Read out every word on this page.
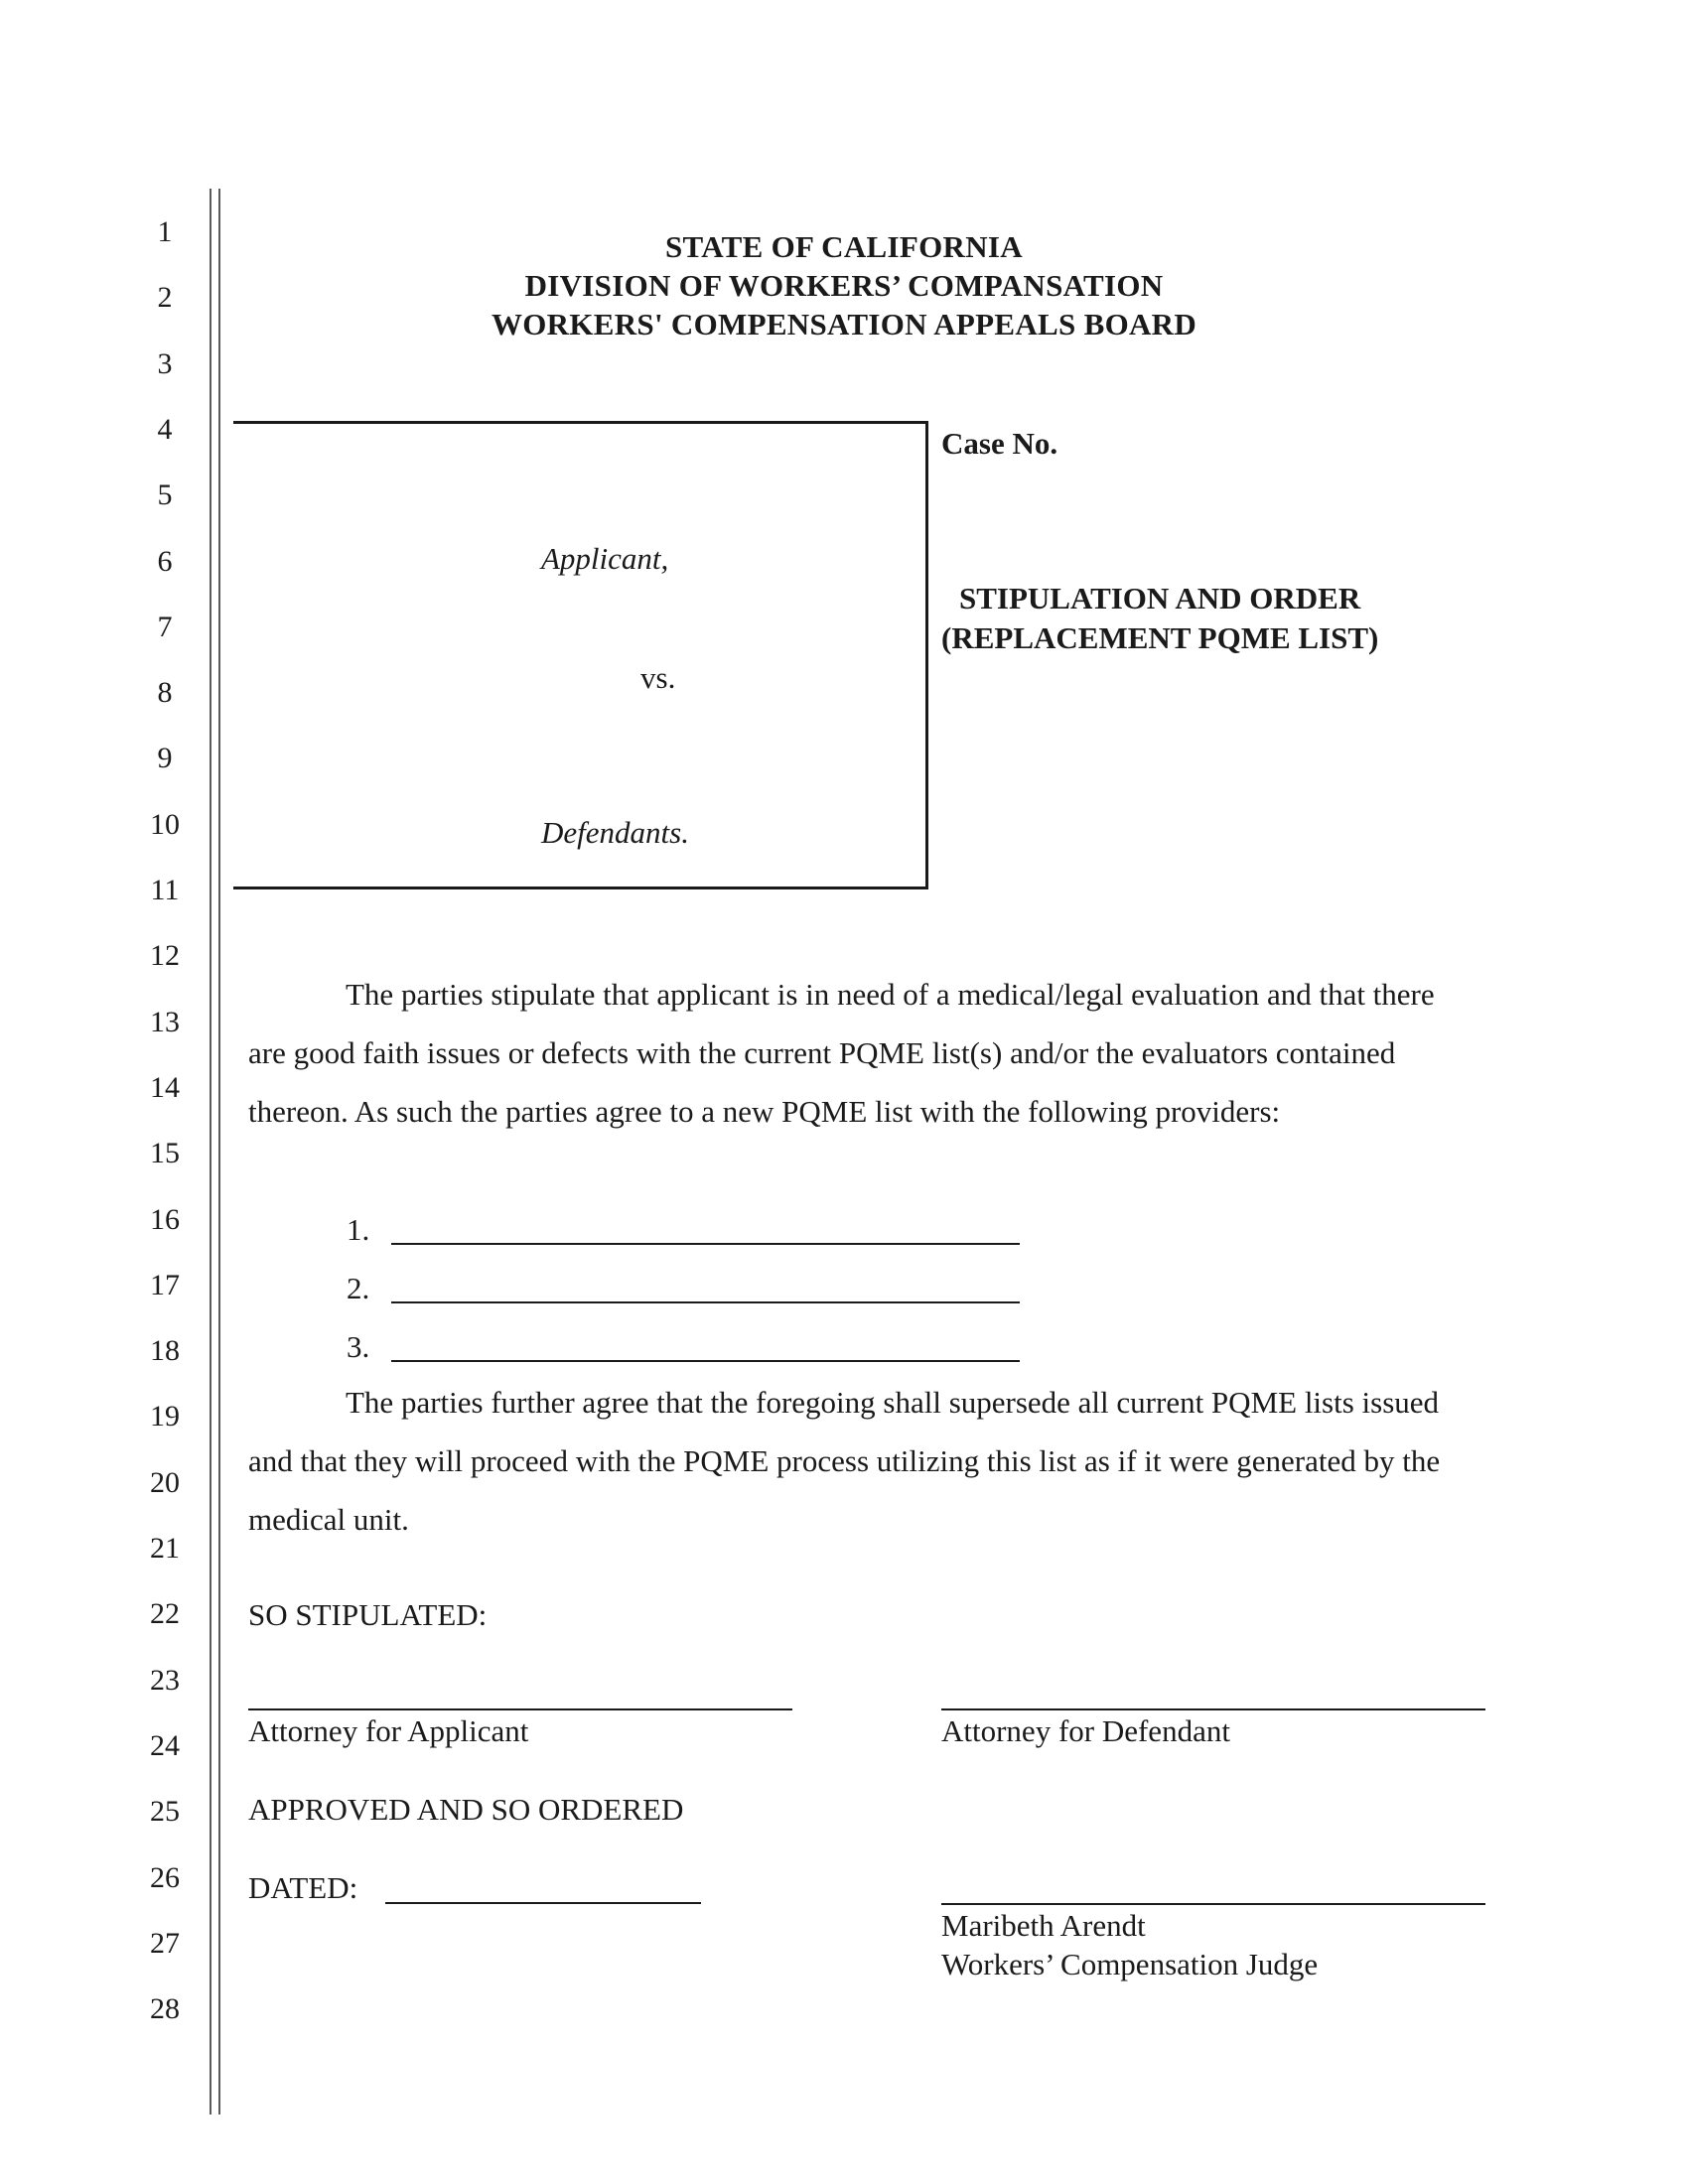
1
2
3
4
5
6
7
8
9
10
11
12
13
14
15
16
17
18
19
20
21
22
23
24
25
26
27
28
STATE OF CALIFORNIA
DIVISION OF WORKERS’ COMPANSATION
WORKERS' COMPENSATION APPEALS BOARD
Applicant,
vs.
Defendants.
Case No.
STIPULATION AND ORDER
(REPLACEMENT PQME LIST)
The parties stipulate that applicant is in need of a medical/legal evaluation and that there are good faith issues or defects with the current PQME list(s) and/or the evaluators contained thereon. As such the parties agree to a new PQME list with the following providers:
1.
2.
3.
The parties further agree that the foregoing shall supersede all current PQME lists issued and that they will proceed with the PQME process utilizing this list as if it were generated by the medical unit.
SO STIPULATED:
Attorney for Applicant	Attorney for Defendant
APPROVED AND SO ORDERED
DATED:
Maribeth Arendt
Workers’ Compensation Judge
